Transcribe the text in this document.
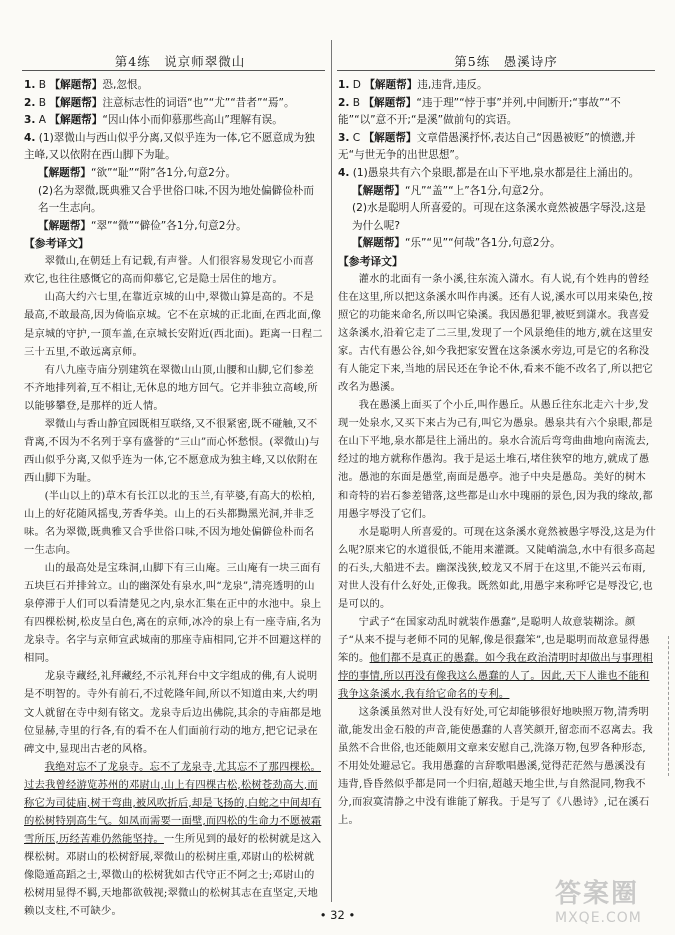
第4练　说京师翠微山	第5练　愚溪诗序
1. B 【解题帮】恐,忽恨。
2. B 【解题帮】注意标志性的词语“也”“尤”“昔者”“焉”。
3. A 【解题帮】“因山体小而仰慕那些高山”理解有误。
4. (1)翠微山与西山似乎分离,又似乎连为一体,它不愿意成为独主峰,又以依附在西山脚下为耻。
【解题帮】“欲”“耻”“附”各1分,句意2分。
(2)名为翠微,既典雅又合乎世俗口味,不因为地处偏僻俭朴而名一生志向。
【解题帮】“翠”“微”“僻俭”各1分,句意2分。
【参考译文】

翠微山,在朝廷上有记载,有声誉。人们很容易发现它小而喜欢它,也往往感慨它的高而仰慕它,它是隐士居住的地方。

山高大约六七里,在靠近京城的山中,翠微山算是高的。不是最高,不敢最高,因为倚临京城。它不在京城的正北面,在西北面,像是京城的守护,一顶车盖,在京城长安附近(西北面)。距离一日程二三十五里,不敢远离京师。

有八九座寺庙分别建筑在翠微山山顶,山腰和山脚,它们参差不齐地排列着,互不相让,无休息的地方回气。它并非独立高峻,所以能够攀登,是那样的近人情。

翠微山与香山静宜园既相互联络,又不很紧密,既不碰触,又不背离,不因为不名列于享有盛誉的“三山”而心怀愁恨。(翠微山)与西山似乎分离,又似乎连为一体,它不愿意成为独主峰,又以依附在西山脚下为耻。

(半山以上的)草木有长江以北的玉兰,有苹婆,有高大的松柏,山上的好花随风摇曳,芳香华美。山上的石头都黝黑光洞,并非乏味。名为翠微,既典雅又合乎世俗口味,不因为地处偏僻俭朴而名一生志向。

山的最高处是宝珠洞,山脚下有三山庵。三山庵有一块三面有五块巨石并排耸立。山的幽深处有泉水,叫“龙泉”,清亮透明的山泉停滞于人们可以看清楚见之内,泉水汇集在正中的水池中。泉上有四棵松树,松皮呈白色,离在的京师,冰冷的泉上有一座寺庙,名为龙泉寺。名字与京师宣武城南的那座寺庙相同,它并不回避这样的相同。

龙泉寺藏经,礼拜藏经,不示礼拜台中文字组成的佛,有人说明是不明智的。寺外有前石,不过乾隆年间,所以不知道由来,大约明文人就留在寺中刻有铭文。龙泉寺后边出佛院,其余的寺庙都是地位显赫,寺里的行各,有的看不在人们面前行动的地方,把它记录在碑文中,显现出古老的风格。

我绝对忘不了龙泉寺。忘不了龙泉寺,尤其忘不了那四棵松。过去我曾经游览苏州的邓尉山,山上有四棵古松,松树苍劲高大,而称它为司徒庙,树干弯曲,被风吹折后,却是飞扬的,白蛇之中间却有的松树特别高生气。如凤而需要一面壁,而四松的生命力不愿被霜雪所压,历经苦难仍然能坚持。一生所见到的最好的松树就是这入棵松树。邓尉山的松树舒展,翠微山的松树庄重,邓尉山的松树就像隐遁高蹈之士,翠微山的松树犹如古代守正不阿之士;邓尉山的松树用显得不羁,天地都欲戟视;翠微山的松树其志在直坚定,天地赖以支柱,不可缺少。

1. D 【解题帮】违,违背,违反。
2. B 【解题帮】“违于理”“悖于事”并列,中间断开;“事故”“不能”“以”意不开;“是溪”做前句的宾语。
3. C 【解题帮】文章借愚溪抒怀,表达自己“因愚被贬”的愤懑,并无“与世无争的出世思想”。
4. (1)愚泉共有六个泉眼,都是在山下平地,泉水都是往上涌出的。
【解题帮】“凡”“盖”“上”各1分,句意2分。
(2)水是聪明人所喜爱的。可现在这条溪水竟然被愚字辱没,这是为什么呢?
【解题帮】“乐”“见”“何哉”各1分,句意2分。
【参考译文】

灌水的北面有一条小溪,往东流入潇水。有人说,有个姓冉的曾经住在这里,所以把这条溪水叫作冉溪。还有人说,溪水可以用来染色,按照它的功能来命名,所以叫它染溪。我因愚犯罪,被贬到潇水。我喜爱这条溪水,沿着它走了二三里,发现了一个风景绝佳的地方,就在这里安家。古代有愚公谷,如今我把家安置在这条溪水旁边,可是它的名称没有人能定下来,当地的居民还在争论不休,看来不能不改名了,所以把它改名为愚溪。

我在愚溪上面买了个小丘,叫作愚丘。从愚丘往东北走六十步,发现一处泉水,又买下来占为己有,叫它为愚泉。愚泉共有六个泉眼,都是在山下平地,泉水都是往上涌出的。泉水合流后弯弯曲曲地向南流去,经过的地方就称作愚沟。我于是运土堆石,堵住狭窄的地方,就成了愚池。愚池的东面是愚堂,南面是愚亭。池子中央是愚岛。美好的树木和奇特的岩石参差错落,这些都是山水中瑰丽的景色,因为我的缘故,都用愚字辱没了它们。

水是聪明人所喜爱的。可现在这条溪水竟然被愚字辱没,这是为什么呢?原来它的水道很低,不能用来灌溉。又陡峭湍急,水中有很多高起的石头,大船进不去。幽深浅狭,蛟龙又不屑于在这里,不能兴云布雨,对世人没有什么好处,正像我。既然如此,用愚字来称呼它是辱没它,也是可以的。

宁武子“在国家动乱时就装作愚蠢”,是聪明人故意装糊涂。颜子“从来不提与老师不同的见解,像是很蠢笨”,也是聪明而故意显得愚笨的。他们都不是真正的愚蠢。如今我在政治清明时却做出与事理相悖的事情,所以再没有像我这么愚蠢的人了。因此,天下人谁也不能和我争这条溪水,我有给它命名的专利。

这条溪虽然对世人没有好处,可它却能够很好地映照万物,清秀明澈,能发出金石般的声音,能使愚蠢的人喜笑颜开,留恋而不忍离去。我虽然不合世俗,也还能颇用文章来安慰自己,洗涤万物,包罗各种形态,不用处处避忌它。我用愚蠢的言辞歌唱愚溪,觉得茫茫然与愚溪没有违背,昏昏然似乎都是同一个归宿,超越天地尘世,与自然混同,物我不分,而寂寞清静之中没有谁能了解我。于是写了《八愚诗》,记在溪石上。

• 32 •
答案圈
MXQE.COM
